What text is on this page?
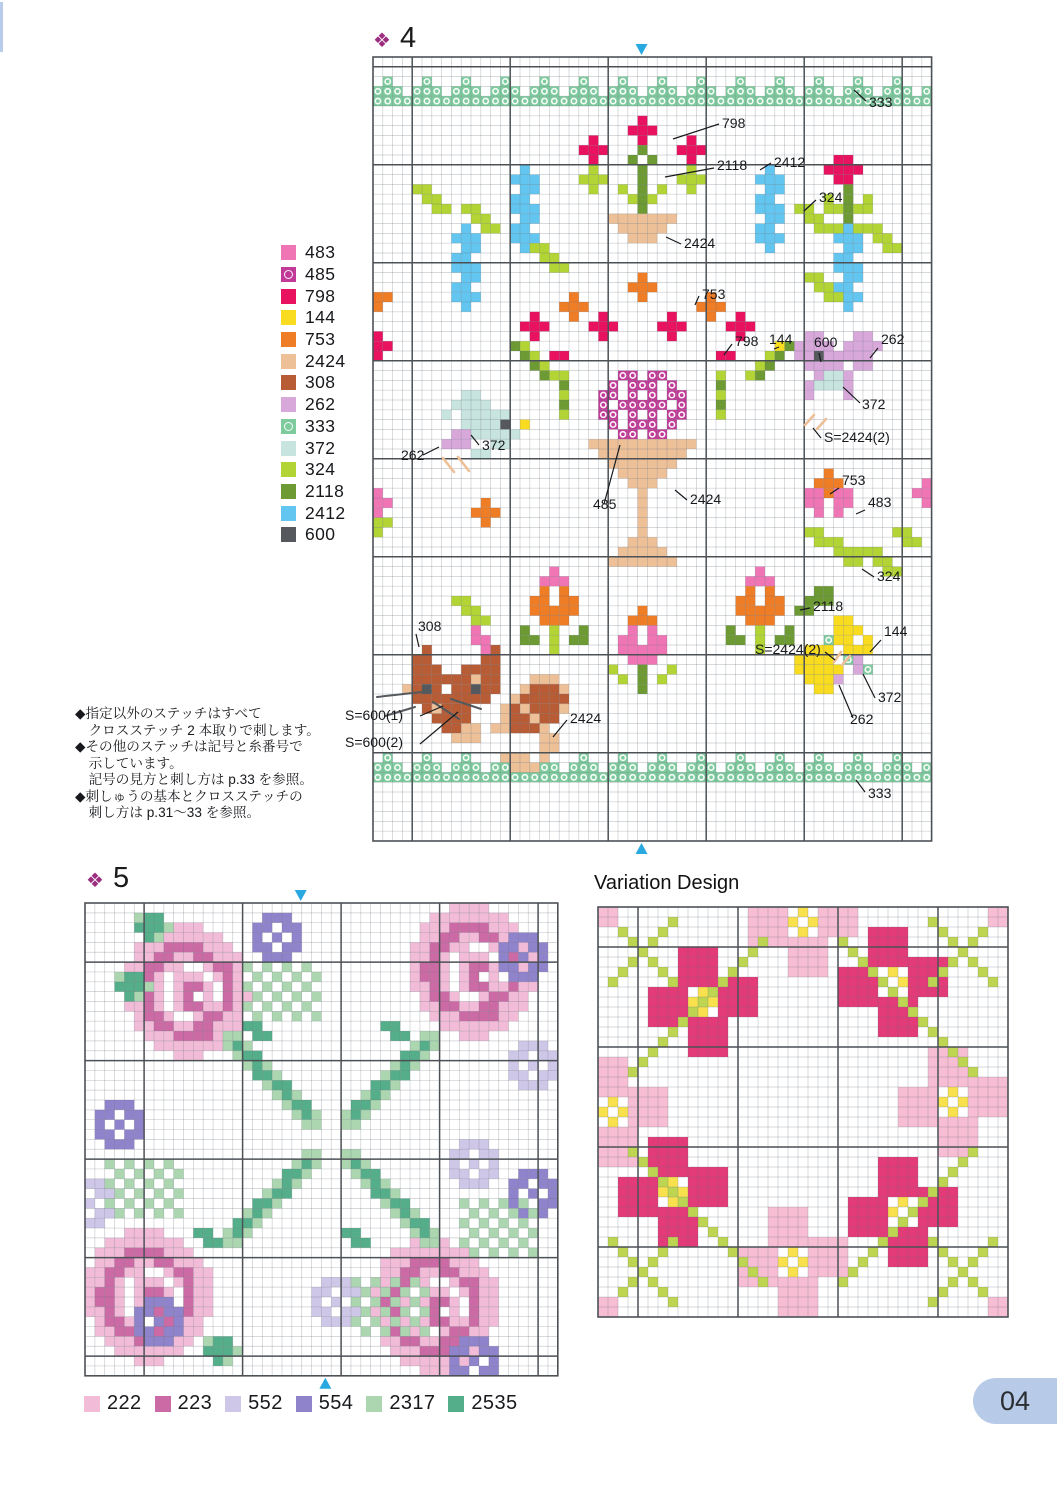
❖ 4
333
798
2118 2412
324
2424
753
798 144 600	262
372
S=2424(2)
262
372
485	2424
753
483
324
2118
144
S=2424(2)
372
262
308
S=600(1)
S=600(2)
2424
333
483
485
798
144
753
2424
308
262
333
372
324
2118
2412
600
◆指定以外のステッチはすべて
　クロスステッチ 2 本取りで刺します。
◆その他のステッチは記号と糸番号で
　示しています。
　記号の見方と刺し方は p.33 を参照。
◆刺しゅうの基本とクロスステッチの
　刺し方は p.31～33 を参照。
❖ 5	Variation Design
222 223 552 554 2317 2535	04
